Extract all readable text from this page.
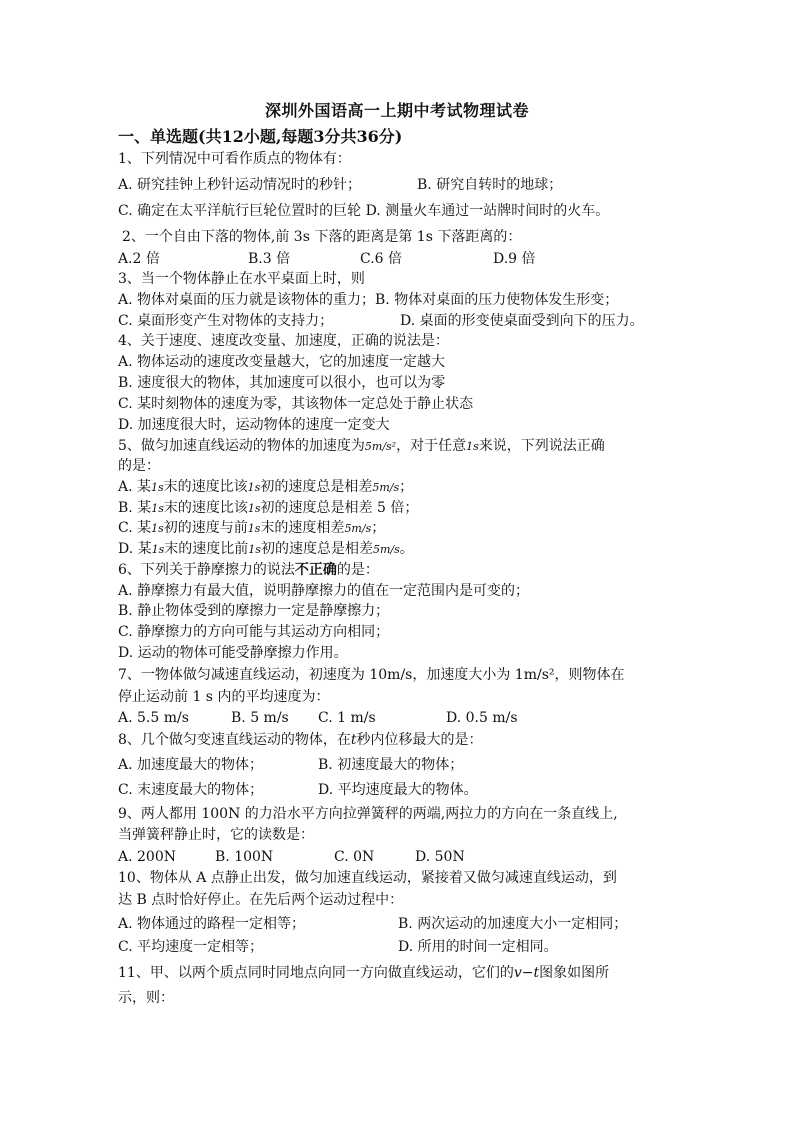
深圳外国语高一上期中考试物理试卷
一、单选题(共12小题,每题3分共36分)
1、下列情况中可看作质点的物体有：
A. 研究挂钟上秒针运动情况时的秒针；	B. 研究自转时的地球；
C. 确定在太平洋航行巨轮位置时的巨轮 D. 测量火车通过一站牌时间时的火车。
2、一个自由下落的物体,前 3s 下落的距离是第 1s 下落距离的：
A.2 倍	B.3 倍	C.6 倍	D.9 倍
3、当一个物体静止在水平桌面上时，则
A. 物体对桌面的压力就是该物体的重力；B. 物体对桌面的压力使物体发生形变；
C. 桌面形变产生对物体的支持力；	D. 桌面的形变使桌面受到向下的压力。
4、关于速度、速度改变量、加速度，正确的说法是：
A. 物体运动的速度改变量越大，它的加速度一定越大
B. 速度很大的物体，其加速度可以很小，也可以为零
C. 某时刻物体的速度为零，其该物体一定总处于静止状态
D. 加速度很大时，运动物体的速度一定变大
5、做匀加速直线运动的物体的加速度为5m/s²，对于任意1s来说，下列说法正确
的是：
A. 某1s末的速度比该1s初的速度总是相差5m/s；
B. 某1s末的速度比该1s初的速度总是相差 5 倍；
C. 某1s初的速度与前1s末的速度相差5m/s；
D. 某1s末的速度比前1s初的速度总是相差5m/s。
6、下列关于静摩擦力的说法不正确的是：
A. 静摩擦力有最大值，说明静摩擦力的值在一定范围内是可变的；
B. 静止物体受到的摩擦力一定是静摩擦力；
C. 静摩擦力的方向可能与其运动方向相同；
D. 运动的物体可能受静摩擦力作用。
7、一物体做匀减速直线运动，初速度为 10m/s，加速度大小为 1m/s²，则物体在
停止运动前 1 s 内的平均速度为：
A. 5.5 m/s	B. 5 m/s C. 1 m/s	D. 0.5 m/s
8、几个做匀变速直线运动的物体，在t秒内位移最大的是：
A. 加速度最大的物体；	B. 初速度最大的物体；
C. 末速度最大的物体；	D. 平均速度最大的物体。
9、两人都用 100N 的力沿水平方向拉弹簧秤的两端,两拉力的方向在一条直线上,
当弹簧秤静止时，它的读数是：
A. 200N	B. 100N	C. 0N	D. 50N
10、物体从 A 点静止出发，做匀加速直线运动，紧接着又做匀减速直线运动，到
达 B 点时恰好停止。在先后两个运动过程中：
A. 物体通过的路程一定相等；	B. 两次运动的加速度大小一定相同；
C. 平均速度一定相等；	D. 所用的时间一定相同。
11、甲、以两个质点同时同地点向同一方向做直线运动，它们的v−t图象如图所
示，则：
